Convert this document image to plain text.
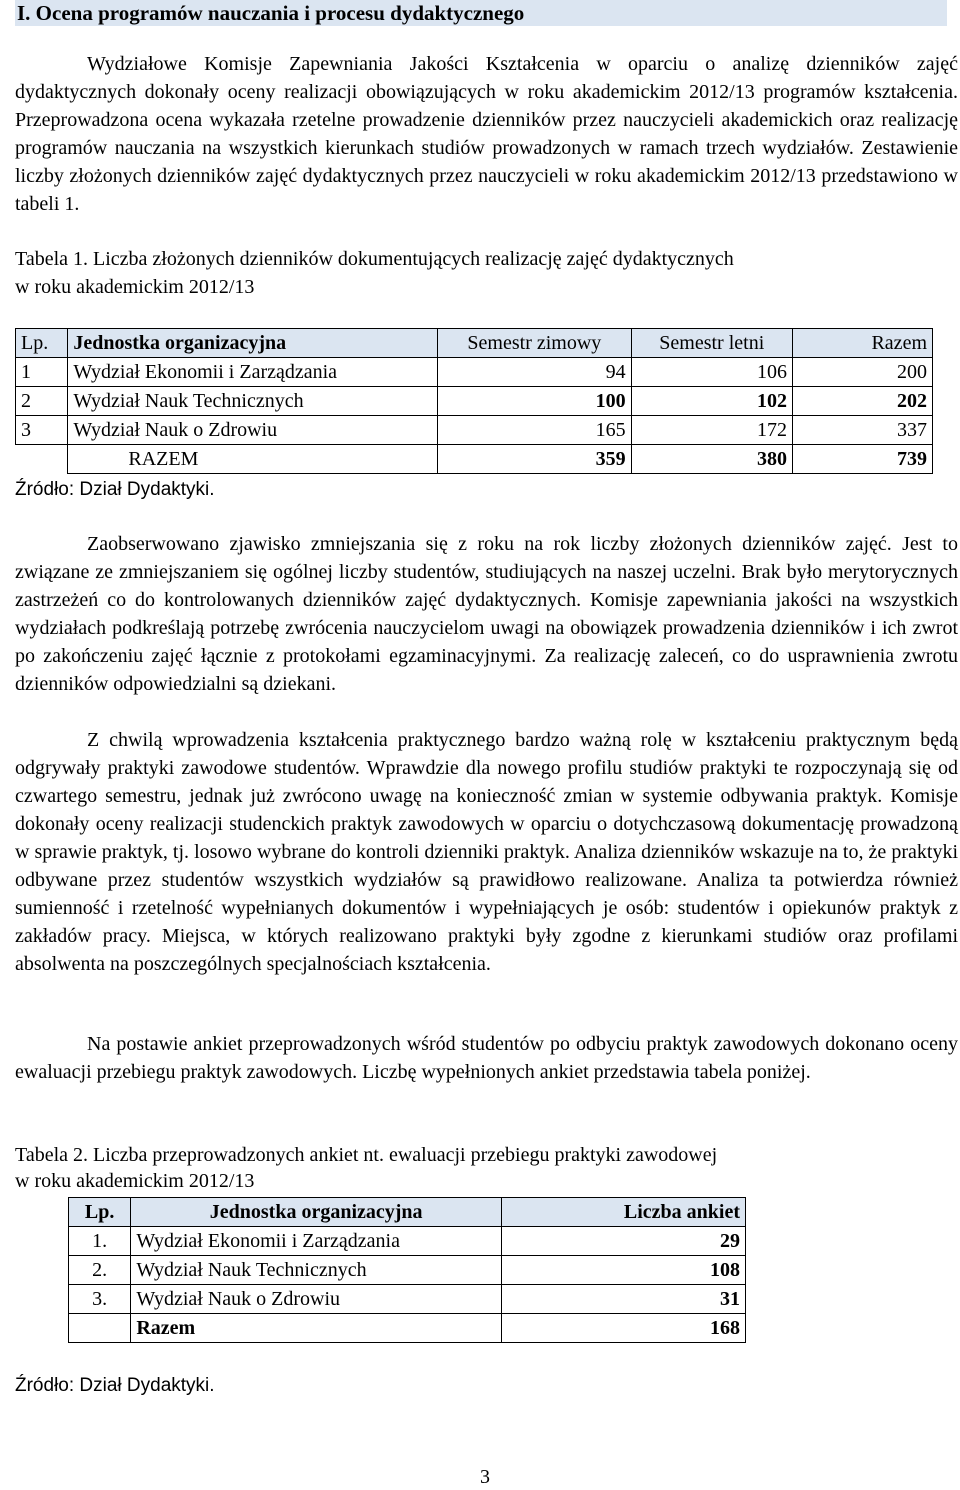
I. Ocena programów nauczania i procesu dydaktycznego

Wydziałowe Komisje Zapewniania Jakości Kształcenia w oparciu o analizę dzienników zajęć dydaktycznych dokonały oceny realizacji obowiązujących w roku akademickim 2012/13 programów kształcenia. Przeprowadzona ocena wykazała rzetelne prowadzenie dzienników przez nauczycieli akademickich oraz realizację programów nauczania na wszystkich kierunkach studiów prowadzonych w ramach trzech wydziałów. Zestawienie liczby złożonych dzienników zajęć dydaktycznych przez nauczycieli w roku akademickim 2012/13 przedstawiono w tabeli 1.

Tabela 1. Liczba złożonych dzienników dokumentujących realizację zajęć dydaktycznych
w roku akademickim 2012/13
Lp.	Jednostka organizacyjna	Semestr zimowy	Semestr letni	Razem
1	Wydział Ekonomii i Zarządzania	94	106	200
2	Wydział Nauk Technicznych	100	102	202
3	Wydział Nauk o Zdrowiu	165	172	337
	RAZEM	359	380	739
Źródło: Dział Dydaktyki.

Zaobserwowano zjawisko zmniejszania się z roku na rok liczby złożonych dzienników zajęć. Jest to związane ze zmniejszaniem się ogólnej liczby studentów, studiujących na naszej uczelni. Brak było merytorycznych zastrzeżeń co do kontrolowanych dzienników zajęć dydaktycznych. Komisje zapewniania jakości na wszystkich wydziałach podkreślają potrzebę zwrócenia nauczycielom uwagi na obowiązek prowadzenia dzienników i ich zwrot po zakończeniu zajęć łącznie z protokołami egzaminacyjnymi. Za realizację zaleceń, co do usprawnienia zwrotu dzienników odpowiedzialni są dziekani.

Z chwilą wprowadzenia kształcenia praktycznego bardzo ważną rolę w kształceniu praktycznym będą odgrywały praktyki zawodowe studentów. Wprawdzie dla nowego profilu studiów praktyki te rozpoczynają się od czwartego semestru, jednak już zwrócono uwagę na konieczność zmian w systemie odbywania praktyk. Komisje dokonały oceny realizacji studenckich praktyk zawodowych w oparciu o dotychczasową dokumentację prowadzoną w sprawie praktyk, tj. losowo wybrane do kontroli dzienniki praktyk. Analiza dzienników wskazuje na to, że praktyki odbywane przez studentów wszystkich wydziałów są prawidłowo realizowane. Analiza ta potwierdza również sumienność i rzetelność wypełnianych dokumentów i wypełniających je osób: studentów i opiekunów praktyk z zakładów pracy. Miejsca, w których realizowano praktyki były zgodne z kierunkami studiów oraz profilami absolwenta na poszczególnych specjalnościach kształcenia.

Na postawie ankiet przeprowadzonych wśród studentów po odbyciu praktyk zawodowych dokonano oceny ewaluacji przebiegu praktyk zawodowych. Liczbę wypełnionych ankiet przedstawia tabela poniżej.

Tabela 2. Liczba przeprowadzonych ankiet nt. ewaluacji przebiegu praktyki zawodowej
w roku akademickim 2012/13
Lp.	Jednostka organizacyjna	Liczba ankiet
1.	Wydział Ekonomii i Zarządzania	29
2.	Wydział Nauk Technicznych	108
3.	Wydział Nauk o Zdrowiu	31
	Razem	168
Źródło: Dział Dydaktyki.
3
